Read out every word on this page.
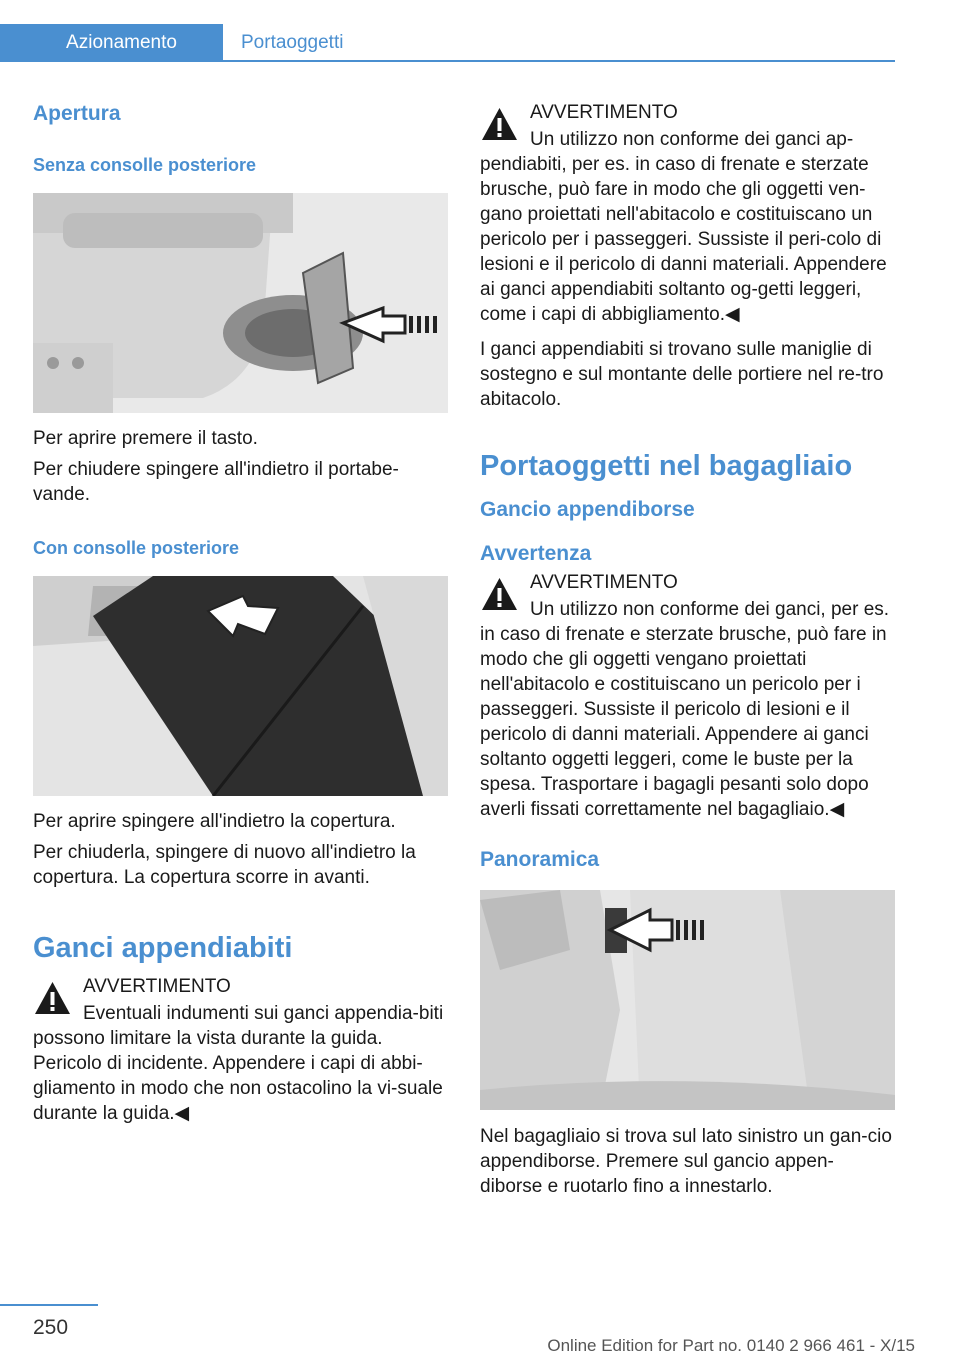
Azionamento	Portaoggetti
Apertura
Senza consolle posteriore

Per aprire premere il tasto.

Per chiudere spingere all'indietro il portabe‐vande.

Con consolle posteriore

Per aprire spingere all'indietro la copertura.

Per chiuderla, spingere di nuovo all'indietro la copertura. La copertura scorre in avanti.

Ganci appendiabiti

AVVERTIMENTO

Eventuali indumenti sui ganci appendia‐biti possono limitare la vista durante la guida. Pericolo di incidente. Appendere i capi di abbi‐gliamento in modo che non ostacolino la vi‐suale durante la guida.◀

AVVERTIMENTO

Un utilizzo non conforme dei ganci ap‐pendiabiti, per es. in caso di frenate e sterzate brusche, può fare in modo che gli oggetti ven‐gano proiettati nell'abitacolo e costituiscano un pericolo per i passeggeri. Sussiste il peri‐colo di lesioni e il pericolo di danni materiali. Appendere ai ganci appendiabiti soltanto og‐getti leggeri, come i capi di abbigliamento.◀

I ganci appendiabiti si trovano sulle maniglie di sostegno e sul montante delle portiere nel re‐tro abitacolo.

Portaoggetti nel bagagliaio
Gancio appendiborse
Avvertenza

AVVERTIMENTO

Un utilizzo non conforme dei ganci, per es. in caso di frenate e sterzate brusche, può fare in modo che gli oggetti vengano proiettati nell'abitacolo e costituiscano un pericolo per i passeggeri. Sussiste il pericolo di lesioni e il pericolo di danni materiali. Appendere ai ganci soltanto oggetti leggeri, come le buste per la spesa. Trasportare i bagagli pesanti solo dopo averli fissati correttamente nel bagagliaio.◀

Panoramica

Nel bagagliaio si trova sul lato sinistro un gan‐cio appendiborse. Premere sul gancio appen‐diborse e ruotarlo fino a innestarlo.

250
Online Edition for Part no. 0140 2 966 461 - X/15
